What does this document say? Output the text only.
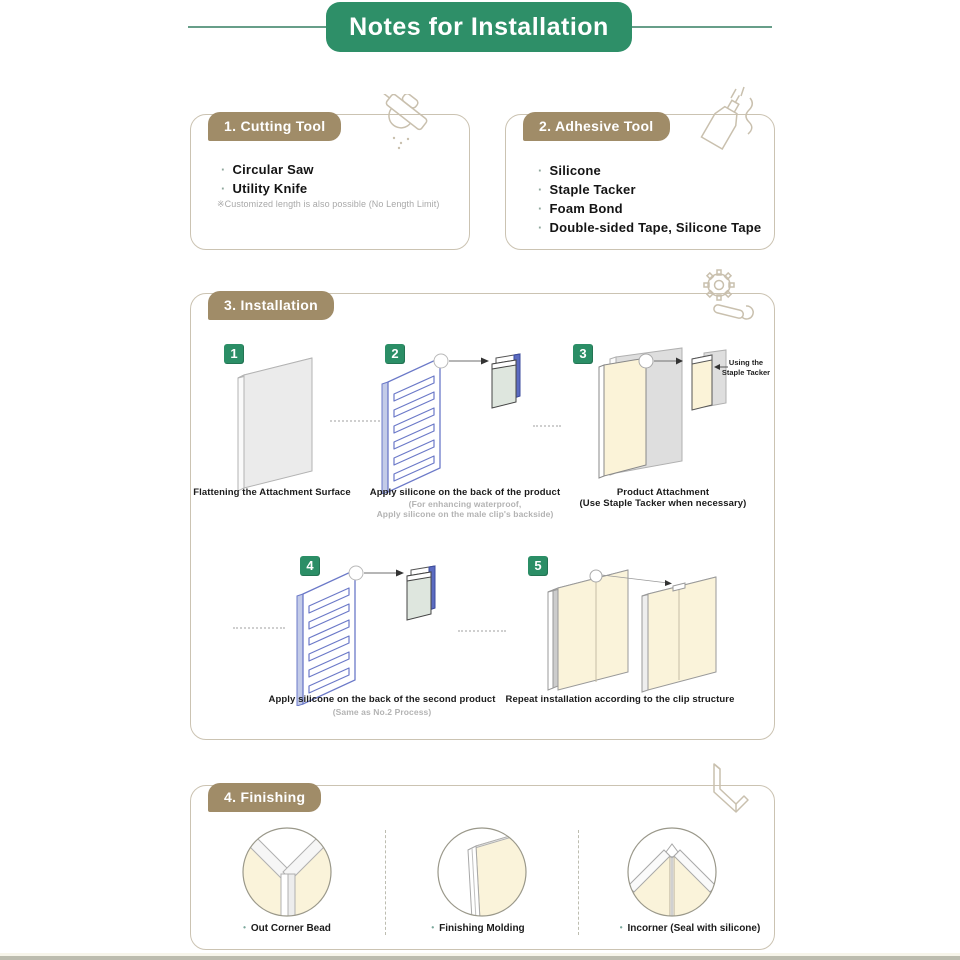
Notes for Installation
· Circular Saw
· Utility Knife
※Customized length is also possible (No Length Limit)
1. Cutting Tool
· Silicone
· Staple Tacker
· Foam Bond
· Double-sided Tape, Silicone Tape
2. Adhesive Tool
3. Installation
1
Flattening the Attachment Surface
2
Apply silicone on the back of the product
(For enhancing waterproof,
Apply silicone on the male clip's backside)
3
Using the
Staple Tacker
Product Attachment
(Use Staple Tacker when necessary)
4
Apply silicone on the back of the second product
(Same as No.2 Process)
5
Repeat installation according to the clip structure
4. Finishing
• Out Corner Bead	• Finishing Molding	• Incorner (Seal with silicone)
